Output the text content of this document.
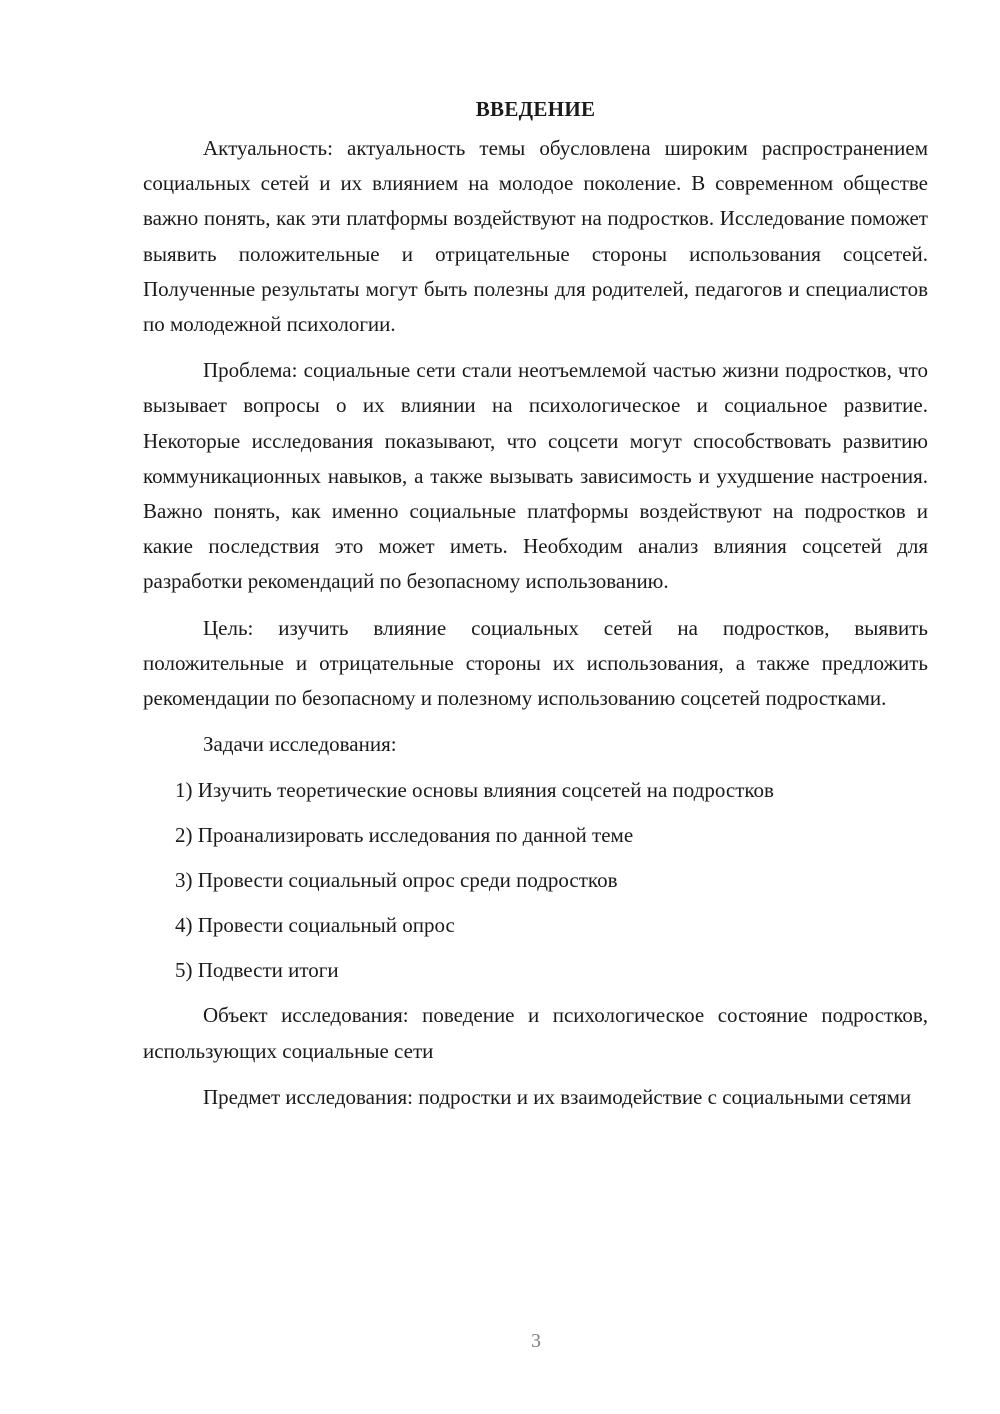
ВВЕДЕНИЕ

Актуальность: актуальность темы обусловлена широким распространением социальных сетей и их влиянием на молодое поколение. В современном обществе важно понять, как эти платформы воздействуют на подростков. Исследование поможет выявить положительные и отрицательные стороны использования соцсетей. Полученные результаты могут быть полезны для родителей, педагогов и специалистов по молодежной психологии.

Проблема: социальные сети стали неотъемлемой частью жизни подростков, что вызывает вопросы о их влиянии на психологическое и социальное развитие. Некоторые исследования показывают, что соцсети могут способствовать развитию коммуникационных навыков, а также вызывать зависимость и ухудшение настроения. Важно понять, как именно социальные платформы воздействуют на подростков и какие последствия это может иметь. Необходим анализ влияния соцсетей для разработки рекомендаций по безопасному использованию.

Цель: изучить влияние социальных сетей на подростков, выявить положительные и отрицательные стороны их использования, а также предложить рекомендации по безопасному и полезному использованию соцсетей подростками.

Задачи исследования:

1) Изучить теоретические основы влияния соцсетей на подростков
2) Проанализировать исследования по данной теме
3) Провести социальный опрос среди подростков
4) Провести социальный опрос
5) Подвести итоги

Объект исследования: поведение и психологическое состояние подростков, использующих социальные сети

Предмет исследования: подростки и их взаимодействие с социальными сетями

3
